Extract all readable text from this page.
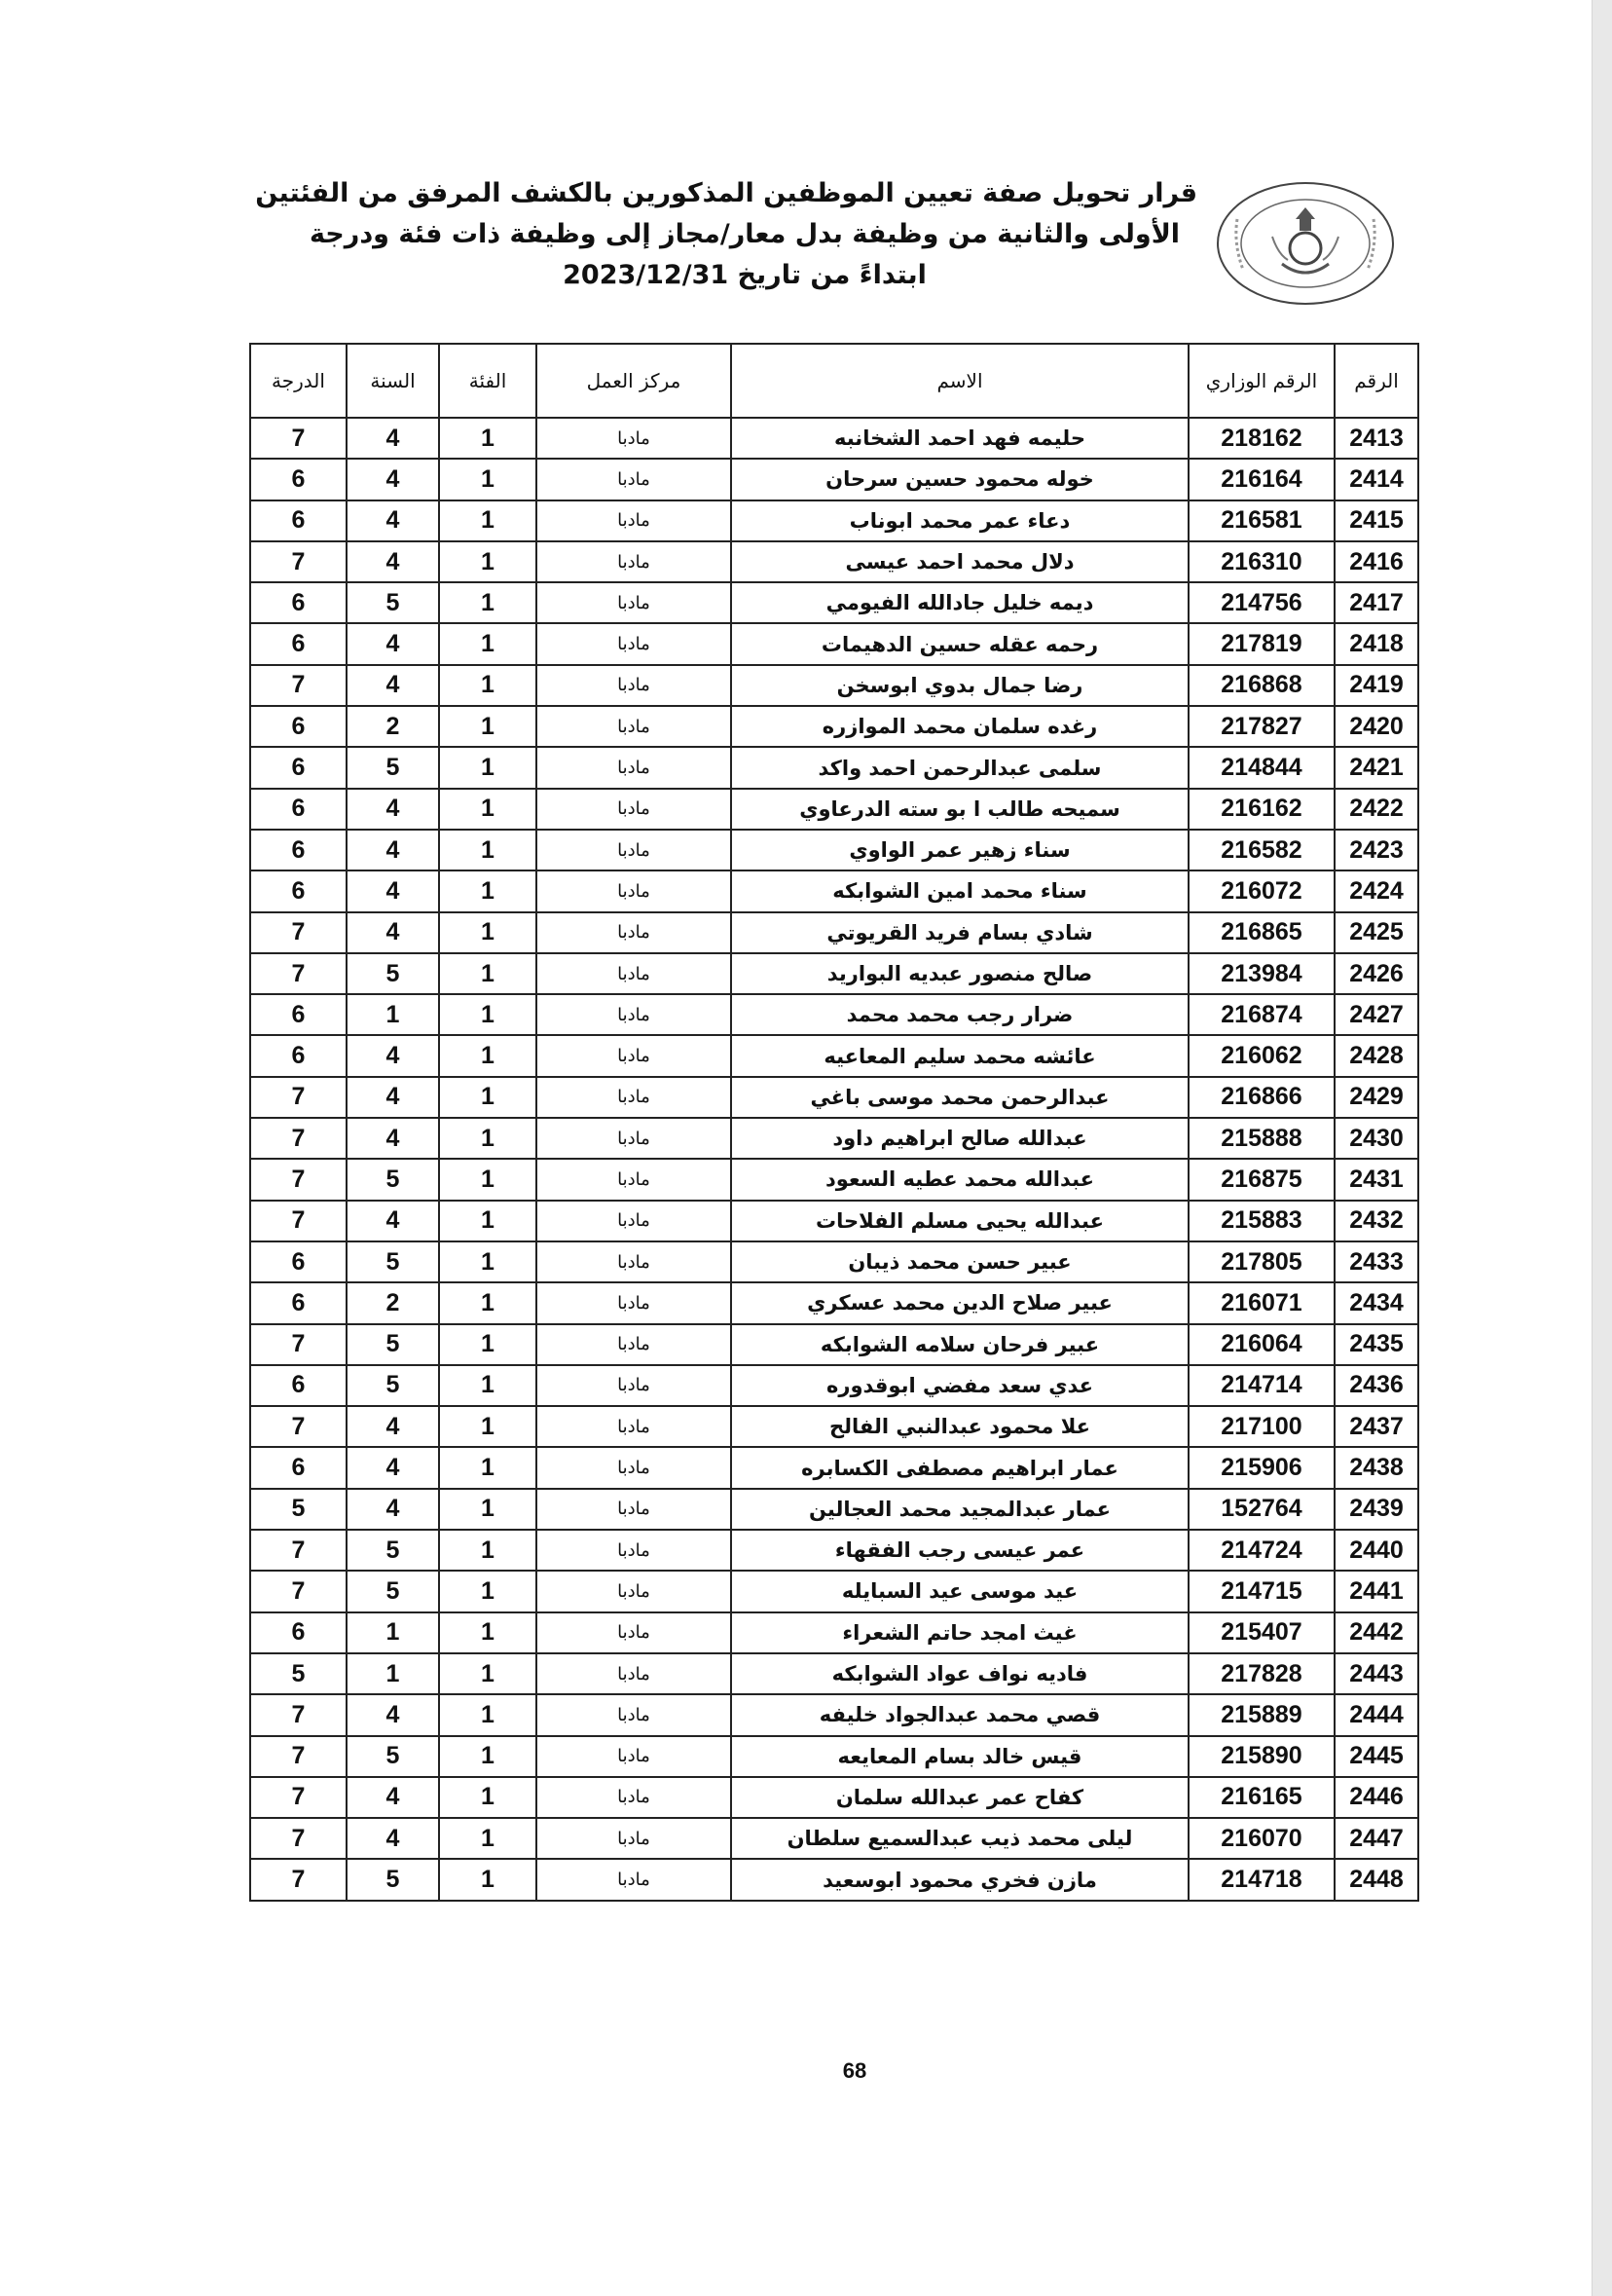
قرار تحويل صفة تعيين الموظفين المذكورين بالكشف المرفق من الفئتين
الأولى والثانية من وظيفة بدل معار/مجاز إلى وظيفة ذات فئة ودرجة
ابتداءً من تاريخ 2023/12/31
الرقم	الرقم الوزاري	الاسم	مركز العمل	الفئة	السنة	الدرجة
2413	218162	حليمه فهد احمد الشخانبه	مادبا	1	4	7
2414	216164	خوله محمود حسين سرحان	مادبا	1	4	6
2415	216581	دعاء عمر محمد ابوناب	مادبا	1	4	6
2416	216310	دلال محمد احمد عيسى	مادبا	1	4	7
2417	214756	ديمه خليل جادالله الفيومي	مادبا	1	5	6
2418	217819	رحمه عقله حسين الدهيمات	مادبا	1	4	6
2419	216868	رضا جمال بدوي ابوسخن	مادبا	1	4	7
2420	217827	رغده سلمان محمد الموازره	مادبا	1	2	6
2421	214844	سلمى عبدالرحمن احمد واكد	مادبا	1	5	6
2422	216162	سميحه طالب ا بو سته الدرعاوي	مادبا	1	4	6
2423	216582	سناء زهير عمر الواوي	مادبا	1	4	6
2424	216072	سناء محمد امين الشوابكه	مادبا	1	4	6
2425	216865	شادي بسام فريد القريوتي	مادبا	1	4	7
2426	213984	صالح منصور عبديه البواريد	مادبا	1	5	7
2427	216874	ضرار رجب محمد محمد	مادبا	1	1	6
2428	216062	عائشه محمد سليم المعاعيه	مادبا	1	4	6
2429	216866	عبدالرحمن محمد موسى باغي	مادبا	1	4	7
2430	215888	عبدالله صالح ابراهيم داود	مادبا	1	4	7
2431	216875	عبدالله محمد عطيه السعود	مادبا	1	5	7
2432	215883	عبدالله يحيى مسلم الفلاحات	مادبا	1	4	7
2433	217805	عبير حسن محمد ذيبان	مادبا	1	5	6
2434	216071	عبير صلاح الدين محمد عسكري	مادبا	1	2	6
2435	216064	عبير فرحان سلامه الشوابكه	مادبا	1	5	7
2436	214714	عدي سعد مفضي ابوقدوره	مادبا	1	5	6
2437	217100	علا محمود عبدالنبي الفالح	مادبا	1	4	7
2438	215906	عمار ابراهيم مصطفى الكسابره	مادبا	1	4	6
2439	152764	عمار عبدالمجيد محمد العجالين	مادبا	1	4	5
2440	214724	عمر عيسى رجب الفقهاء	مادبا	1	5	7
2441	214715	عيد موسى عيد السبايله	مادبا	1	5	7
2442	215407	غيث امجد حاتم الشعراء	مادبا	1	1	6
2443	217828	فاديه نواف عواد الشوابكه	مادبا	1	1	5
2444	215889	قصي محمد عبدالجواد خليفه	مادبا	1	4	7
2445	215890	قيس خالد بسام المعايعه	مادبا	1	5	7
2446	216165	كفاح عمر عبدالله سلمان	مادبا	1	4	7
2447	216070	ليلى محمد ذيب عبدالسميع سلطان	مادبا	1	4	7
2448	214718	مازن فخري محمود ابوسعيد	مادبا	1	5	7
68
